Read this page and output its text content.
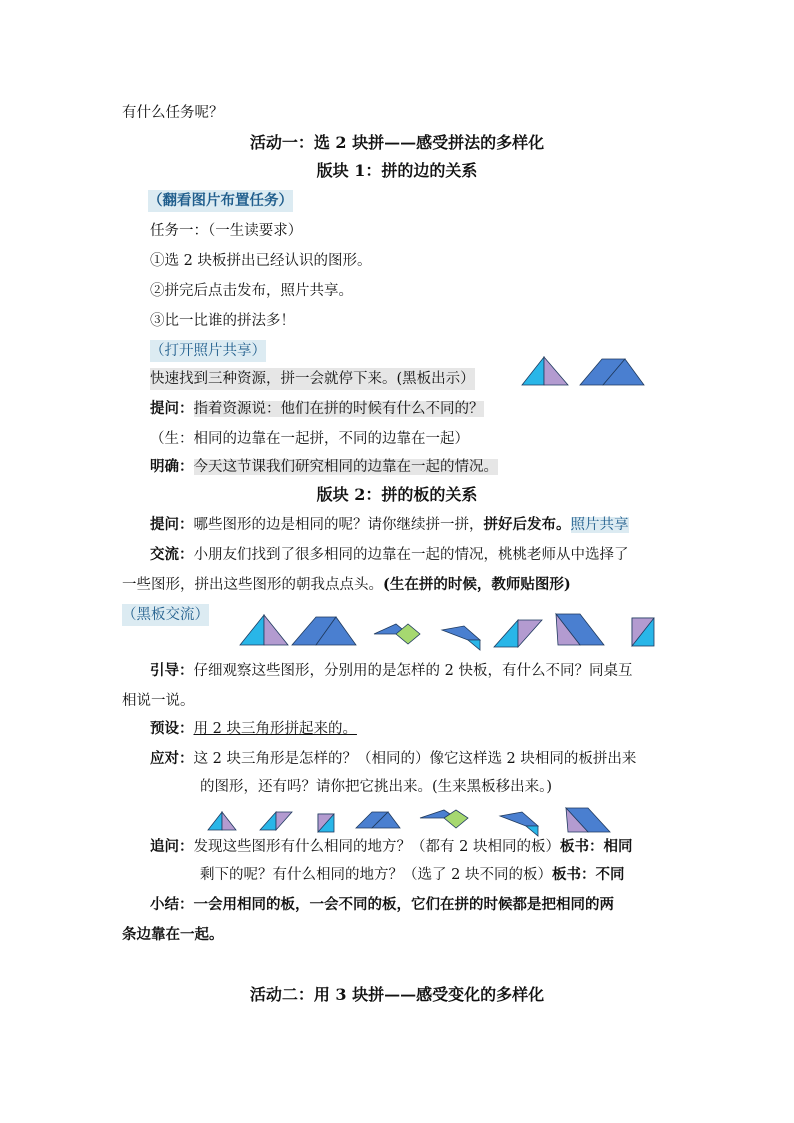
有什么任务呢？
活动一：选 2 块拼——感受拼法的多样化
版块 1：拼的边的关系
（翻看图片布置任务）
任务一：（一生读要求）
①选 2 块板拼出已经认识的图形。
②拼完后点击发布，照片共享。
③比一比谁的拼法多！
（打开照片共享）
快速找到三种资源，拼一会就停下来。(黑板出示）
提问：指着资源说：他们在拼的时候有什么不同的？
（生：相同的边靠在一起拼，不同的边靠在一起）
明确：今天这节课我们研究相同的边靠在一起的情况。
版块 2：拼的板的关系
提问：哪些图形的边是相同的呢？请你继续拼一拼，拼好后发布。照片共享
交流：小朋友们找到了很多相同的边靠在一起的情况，桃桃老师从中选择了
一些图形，拼出这些图形的朝我点点头。(生在拼的时候，教师贴图形)
（黑板交流）
引导：仔细观察这些图形，分别用的是怎样的 2 快板，有什么不同？同桌互
相说一说。
预设：用 2 块三角形拼起来的。
应对：这 2 块三角形是怎样的？（相同的）像它这样选 2 块相同的板拼出来
的图形，还有吗？请你把它挑出来。(生来黑板移出来。)
追问：发现这些图形有什么相同的地方？（都有 2 块相同的板）板书：相同
剩下的呢？有什么相同的地方？（选了 2 块不同的板）板书：不同
小结：一会用相同的板，一会不同的板，它们在拼的时候都是把相同的两
条边靠在一起。
活动二：用 3 块拼——感受变化的多样化
